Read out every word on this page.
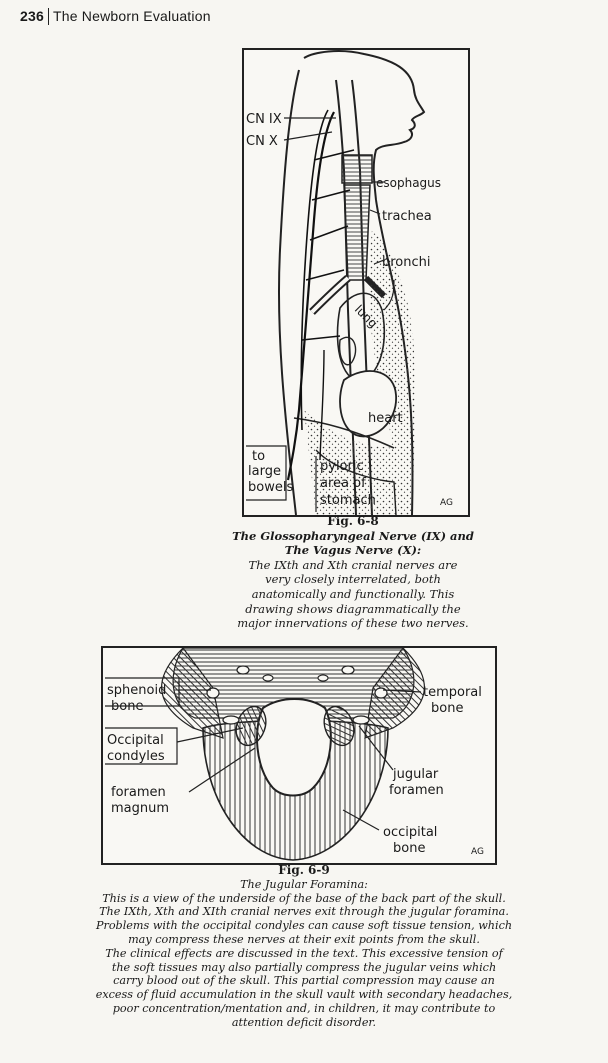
236 The Newborn Evaluation
CN IX
CN X
esophagus
trachea
bronchi
lung
heart
to
large
bowels
pyloric
area of
stomach	AG
Fig. 6-8
The Glossopharyngeal Nerve (IX) and
The Vagus Nerve (X):
The IXth and Xth cranial nerves are
very closely interrelated, both
anatomically and functionally. This
drawing shows diagrammatically the
major innervations of these two nerves.
sphenoid
bone
temporal
bone
Occipital
condyles
jugular
foramen
foramen
magnum
occipital
bone	AG
Fig. 6-9
The Jugular Foramina:
This is a view of the underside of the base of the back part of the skull.
The IXth, Xth and XIth cranial nerves exit through the jugular foramina.
Problems with the occipital condyles can cause soft tissue tension, which
may compress these nerves at their exit points from the skull.
The clinical effects are discussed in the text. This excessive tension of
the soft tissues may also partially compress the jugular veins which
carry blood out of the skull. This partial compression may cause an
excess of fluid accumulation in the skull vault with secondary headaches,
poor concentration/mentation and, in children, it may contribute to
attention deficit disorder.
